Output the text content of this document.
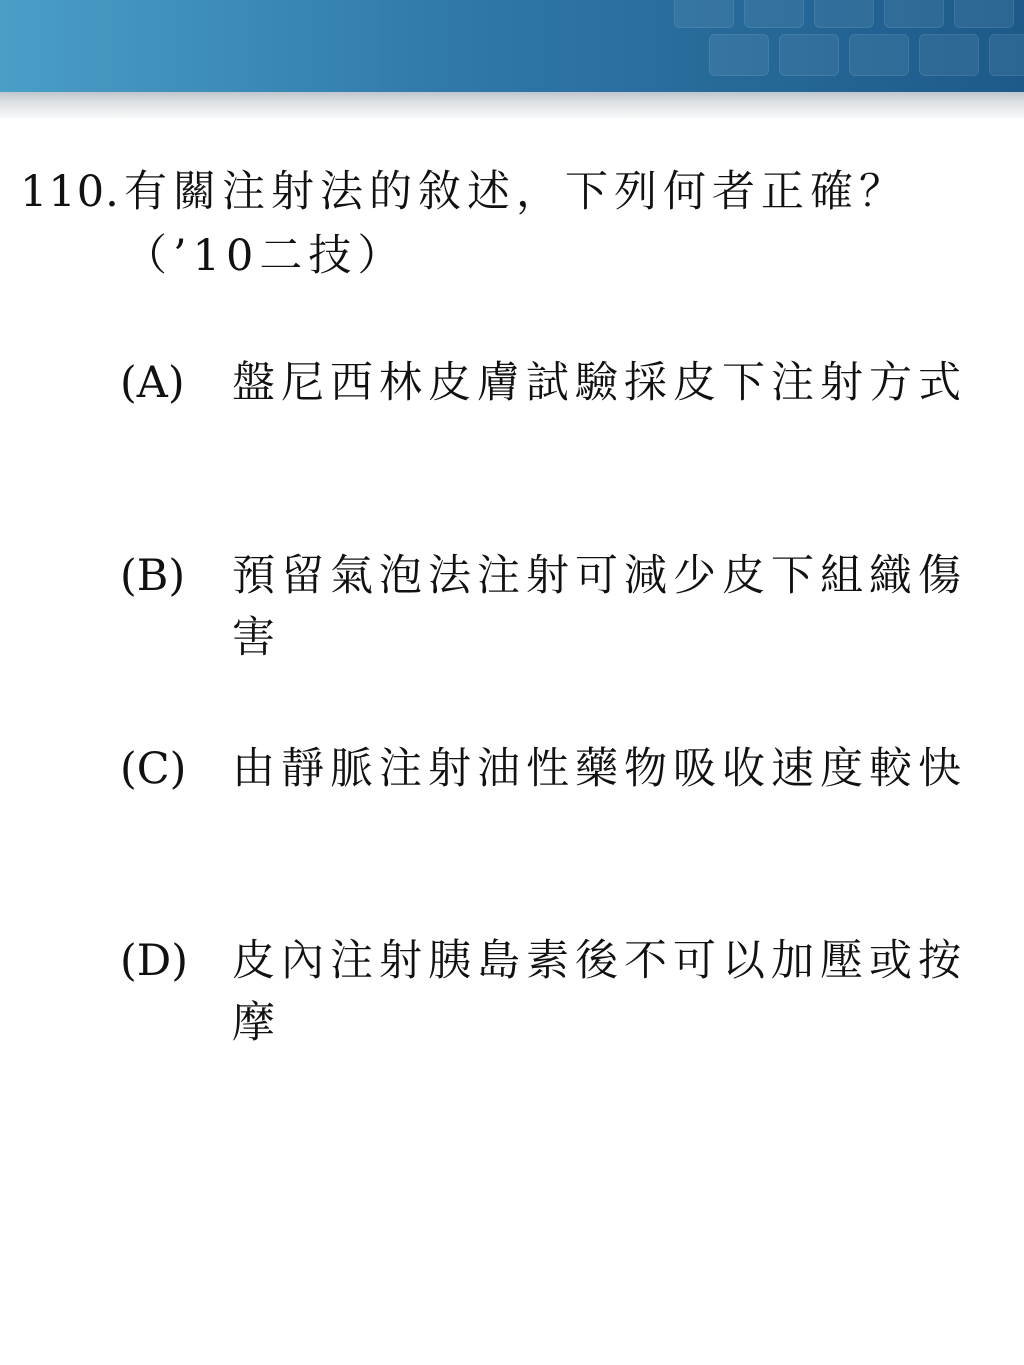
110. 有關注射法的敘述，下列何者正確？
（’10二技）
(A) 盤尼西林皮膚試驗採皮下注射方式
(B) 預留氣泡法注射可減少皮下組織傷害
(C) 由靜脈注射油性藥物吸收速度較快
(D) 皮內注射胰島素後不可以加壓或按摩
